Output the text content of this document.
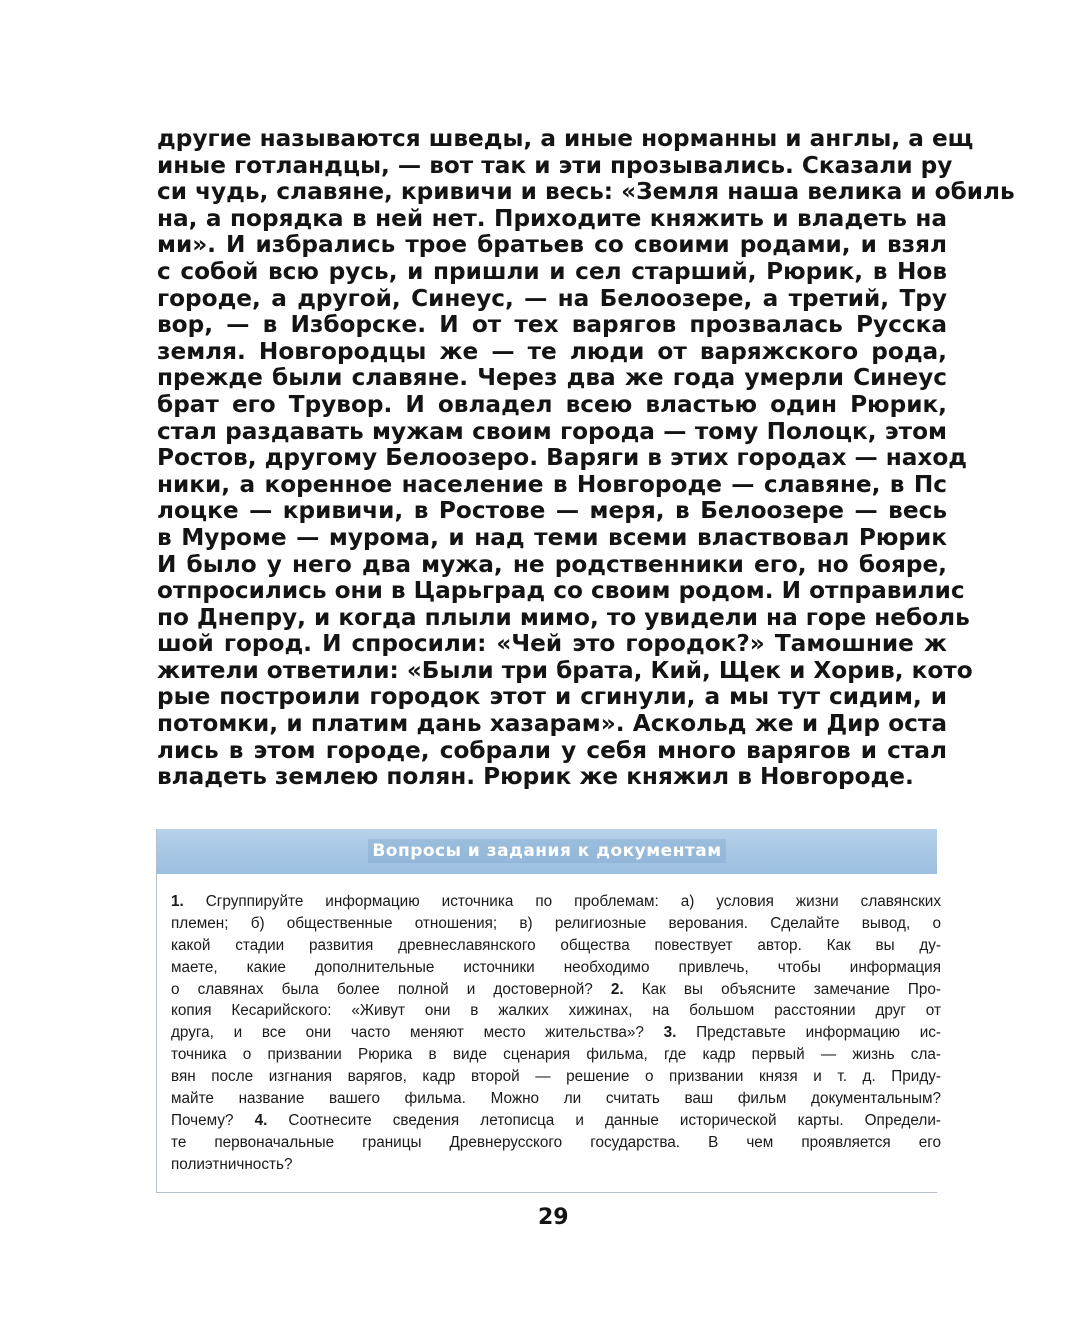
другие называются шведы, а иные норманны и англы, а ещ
иные готландцы, — вот так и эти прозывались. Сказали ру
си чудь, славяне, кривичи и весь: «Земля наша велика и обиль
на, а порядка в ней нет. Приходите княжить и владеть на
ми». И избрались трое братьев со своими родами, и взял
с собой всю русь, и пришли и сел старший, Рюрик, в Нов
городе, а другой, Синеус, — на Белоозере, а третий, Тру
вор, — в Изборске. И от тех варягов прозвалась Русска
земля. Новгородцы же — те люди от варяжского рода,
прежде были славяне. Через два же года умерли Синеус
брат его Трувор. И овладел всею властью один Рюрик,
стал раздавать мужам своим города — тому Полоцк, этом
Ростов, другому Белоозеро. Варяги в этих городах — наход
ники, а коренное население в Новгороде — славяне, в Пс
лоцке — кривичи, в Ростове — меря, в Белоозере — весь
в Муроме — мурома, и над теми всеми властвовал Рюрик
И было у него два мужа, не родственники его, но бояре,
отпросились они в Царьград со своим родом. И отправилис
по Днепру, и когда плыли мимо, то увидели на горе неболь
шой город. И спросили: «Чей это городок?» Тамошние ж
жители ответили: «Были три брата, Кий, Щек и Хорив, кото
рые построили городок этот и сгинули, а мы тут сидим, и
потомки, и платим дань хазарам». Аскольд же и Дир оста
лись в этом городе, собрали у себя много варягов и стал
владеть землею полян. Рюрик же княжил в Новгороде.
Вопросы и задания к документам
1. Сгруппируйте информацию источника по проблемам: а) условия жизни славянских
племен; б) общественные отношения; в) религиозные верования. Сделайте вывод, о
какой стадии развития древнеславянского общества повествует автор. Как вы ду-
маете, какие дополнительные источники необходимо привлечь, чтобы информация
о славянах была более полной и достоверной? 2. Как вы объясните замечание Про-
копия Кесарийского: «Живут они в жалких хижинах, на большом расстоянии друг от
друга, и все они часто меняют место жительства»? 3. Представьте информацию ис-
точника о призвании Рюрика в виде сценария фильма, где кадр первый — жизнь сла-
вян после изгнания варягов, кадр второй — решение о призвании князя и т. д. Приду-
майте название вашего фильма. Можно ли считать ваш фильм документальным?
Почему? 4. Соотнесите сведения летописца и данные исторической карты. Определи-
те первоначальные границы Древнерусского государства. В чем проявляется его
полиэтничность?
29
